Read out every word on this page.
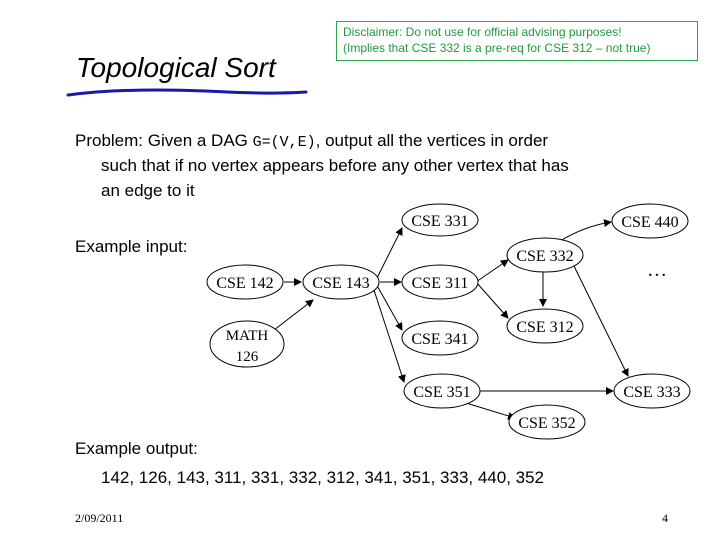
Disclaimer: Do not use for official advising purposes!
(Implies that CSE 332 is a pre-req for CSE 312 – not true)
Topological Sort
Problem: Given a DAG G=(V,E), output all the vertices in order
such that if no vertex appears before any other vertex that has
an edge to it
Example input:
CSE 142 CSE 143
MATH
126
CSE 331
CSE 311
CSE 341
CSE 351
CSE 332
CSE 312
CSE 352
CSE 440
CSE 333
…
Example output:
142, 126, 143, 311, 331, 332, 312, 341, 351, 333, 440, 352
2/09/2011	4
